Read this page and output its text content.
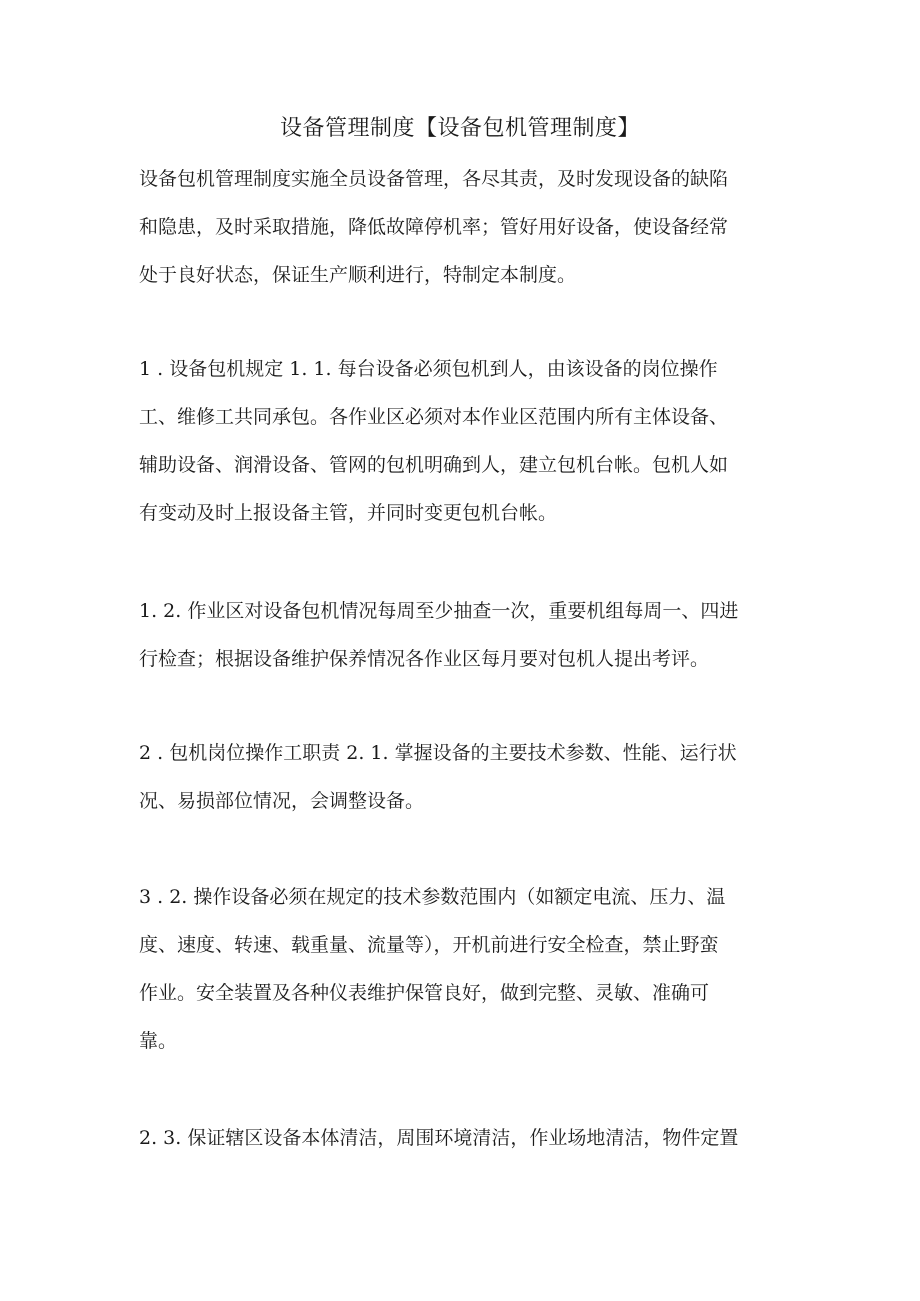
设备管理制度【设备包机管理制度】
设备包机管理制度实施全员设备管理，各尽其责，及时发现设备的缺陷
和隐患，及时采取措施，降低故障停机率；管好用好设备，使设备经常
处于良好状态，保证生产顺利进行，特制定本制度。
1 . 设备包机规定 1. 1. 每台设备必须包机到人，由该设备的岗位操作
工、维修工共同承包。各作业区必须对本作业区范围内所有主体设备、
辅助设备、润滑设备、管网的包机明确到人，建立包机台帐。包机人如
有变动及时上报设备主管，并同时变更包机台帐。
1. 2. 作业区对设备包机情况每周至少抽查一次，重要机组每周一、四进
行检查；根据设备维护保养情况各作业区每月要对包机人提出考评。
2 . 包机岗位操作工职责 2. 1. 掌握设备的主要技术参数、性能、运行状
况、易损部位情况，会调整设备。
3 . 2. 操作设备必须在规定的技术参数范围内（如额定电流、压力、温
度、速度、转速、载重量、流量等），开机前进行安全检查，禁止野蛮
作业。安全装置及各种仪表维护保管良好，做到完整、灵敏、准确可
靠。
2. 3. 保证辖区设备本体清洁，周围环境清洁，作业场地清洁，物件定置
